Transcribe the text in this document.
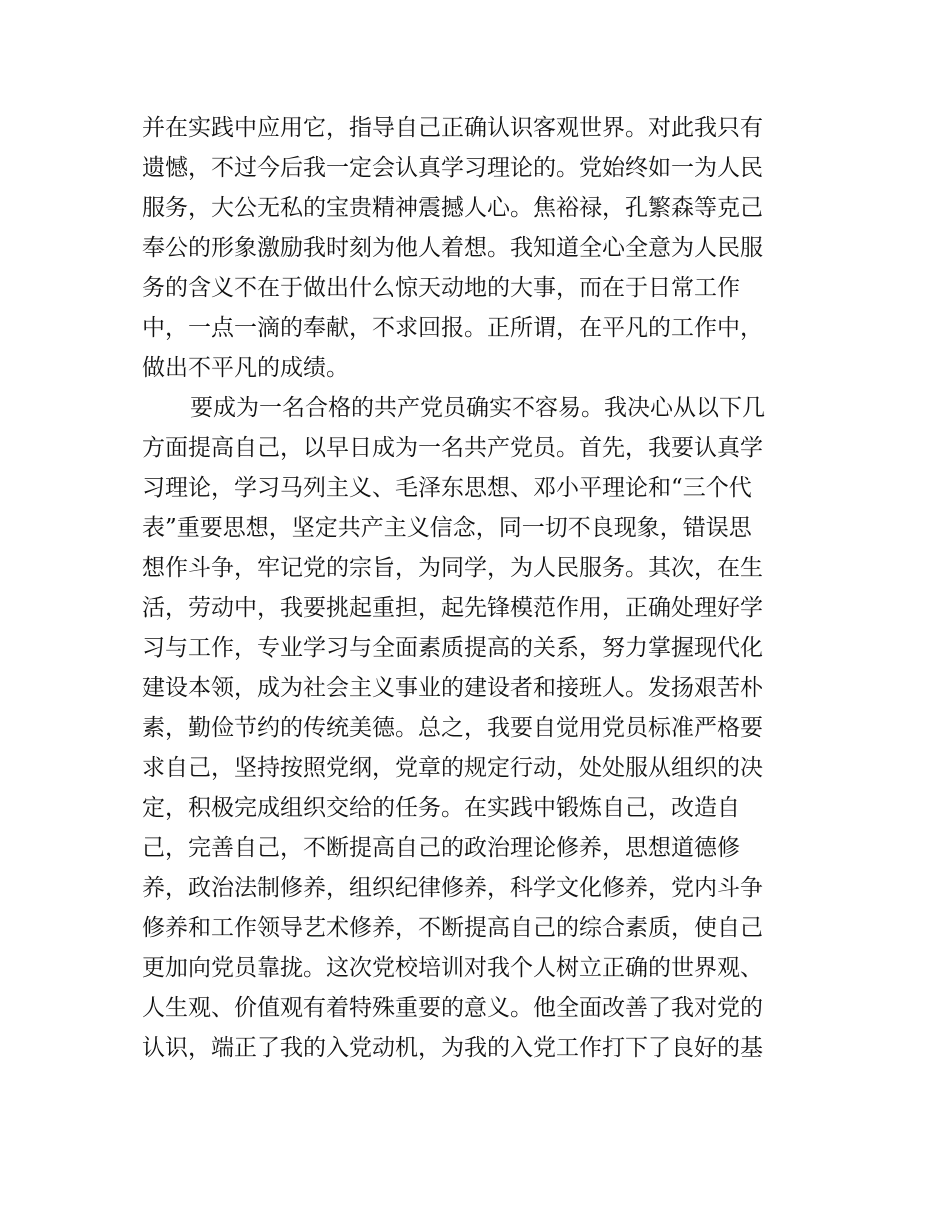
并在实践中应用它，指导自己正确认识客观世界。对此我只有
遗憾，不过今后我一定会认真学习理论的。党始终如一为人民
服务，大公无私的宝贵精神震撼人心。焦裕禄，孔繁森等克己
奉公的形象激励我时刻为他人着想。我知道全心全意为人民服
务的含义不在于做出什么惊天动地的大事，而在于日常工作
中，一点一滴的奉献，不求回报。正所谓，在平凡的工作中，
做出不平凡的成绩。
要成为一名合格的共产党员确实不容易。我决心从以下几
方面提高自己，以早日成为一名共产党员。首先，我要认真学
习理论，学习马列主义、毛泽东思想、邓小平理论和“三个代
表”重要思想，坚定共产主义信念，同一切不良现象，错误思
想作斗争，牢记党的宗旨，为同学，为人民服务。其次，在生
活，劳动中，我要挑起重担，起先锋模范作用，正确处理好学
习与工作，专业学习与全面素质提高的关系，努力掌握现代化
建设本领，成为社会主义事业的建设者和接班人。发扬艰苦朴
素，勤俭节约的传统美德。总之，我要自觉用党员标准严格要
求自己，坚持按照党纲，党章的规定行动，处处服从组织的决
定，积极完成组织交给的任务。在实践中锻炼自己，改造自
己，完善自己，不断提高自己的政治理论修养，思想道德修
养，政治法制修养，组织纪律修养，科学文化修养，党内斗争
修养和工作领导艺术修养，不断提高自己的综合素质，使自己
更加向党员靠拢。这次党校培训对我个人树立正确的世界观、
人生观、价值观有着特殊重要的意义。他全面改善了我对党的
认识，端正了我的入党动机，为我的入党工作打下了良好的基
